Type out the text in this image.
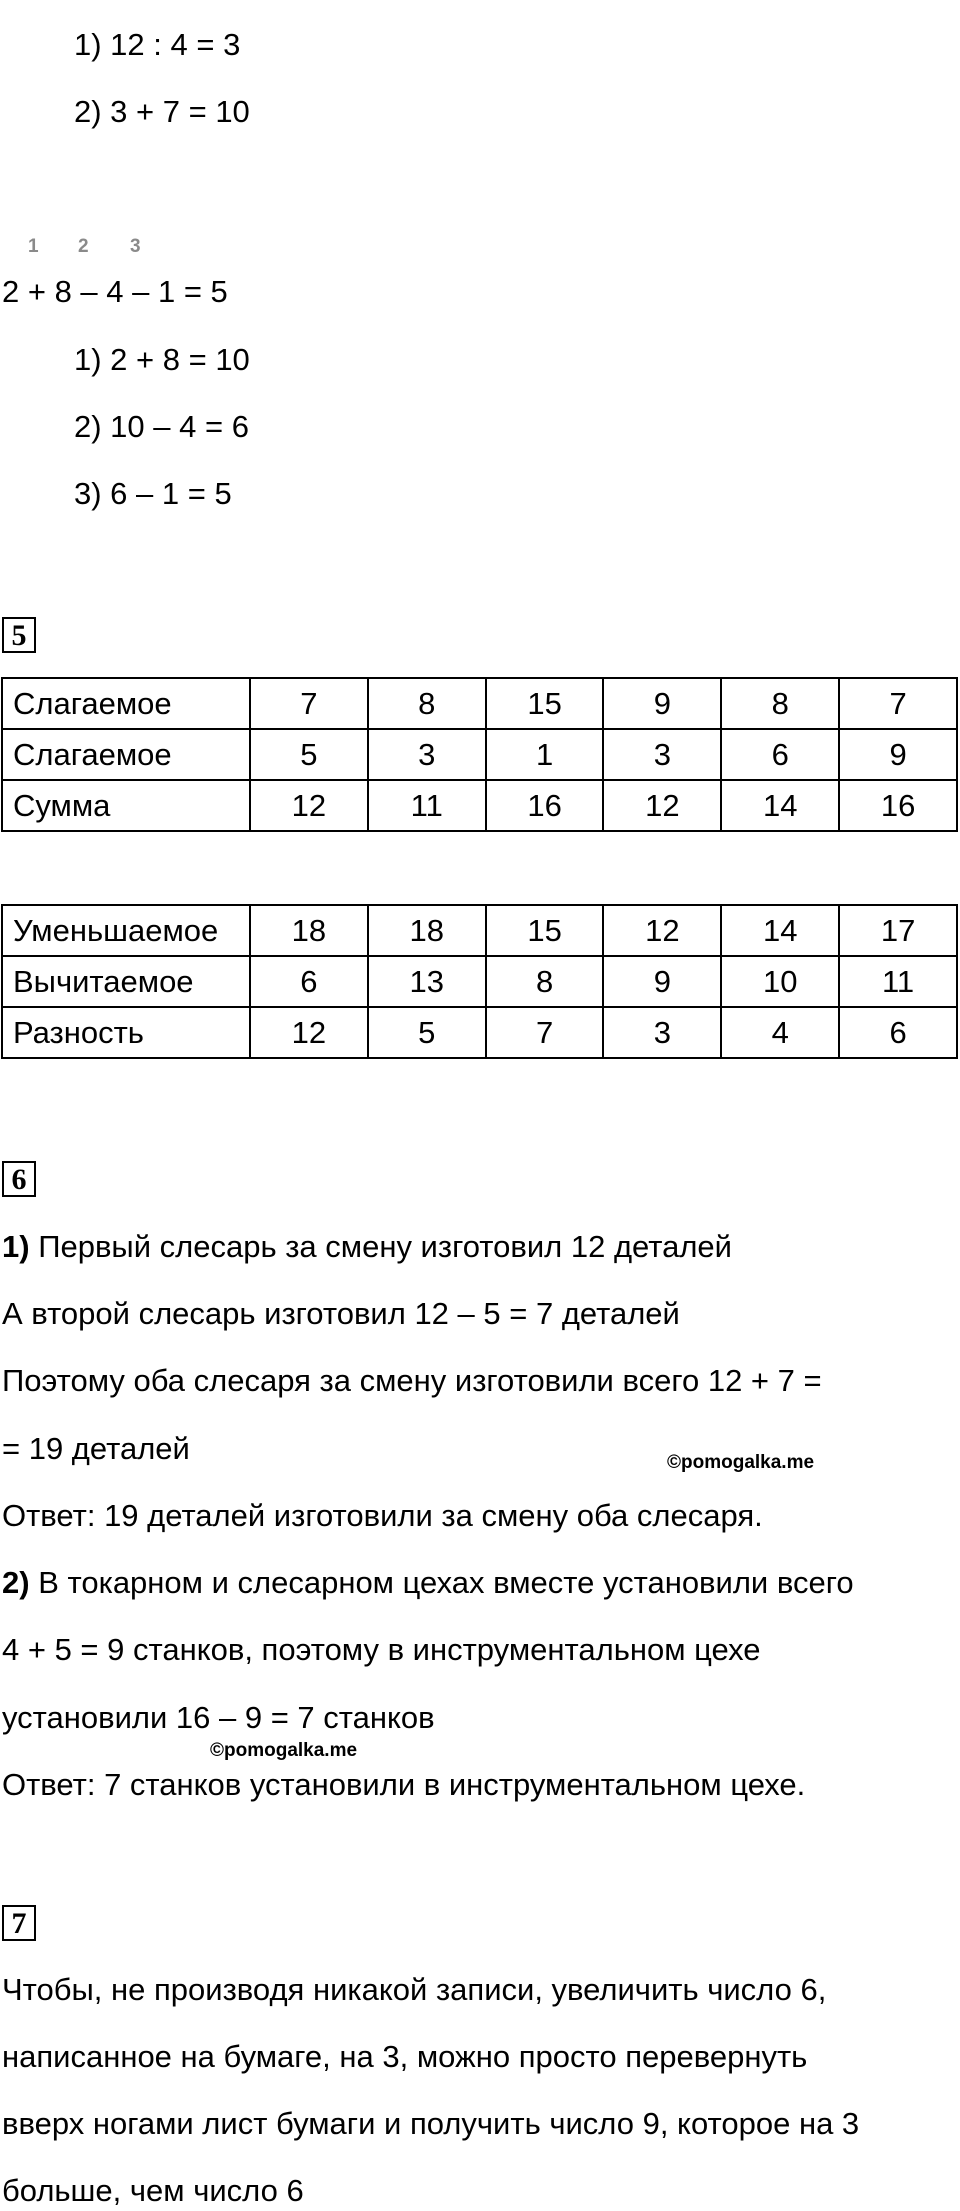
1) 12 : 4 = 3
2) 3 + 7 = 10
1 2 3
2 + 8 – 4 – 1 = 5
1) 2 + 8 = 10
2) 10 – 4 = 6
3) 6 – 1 = 5
5
Слагаемое	7	8	15	9	8	7
Слагаемое	5	3	1	3	6	9
Сумма	12	11	16	12	14	16
Уменьшаемое	18	18	15	12	14	17
Вычитаемое	6	13	8	9	10	11
Разность	12	5	7	3	4	6
6
1) Первый слесарь за смену изготовил 12 деталей
А второй слесарь изготовил 12 – 5 = 7 деталей
Поэтому оба слесаря за смену изготовили всего 12 + 7 =
= 19 деталей	©pomogalka.me
Ответ: 19 деталей изготовили за смену оба слесаря.
2) В токарном и слесарном цехах вместе установили всего
4 + 5 = 9 станков, поэтому в инструментальном цехе
установили 16 – 9 = 7 станков
©pomogalka.me
Ответ: 7 станков установили в инструментальном цехе.
7
Чтобы, не производя никакой записи, увеличить число 6,
написанное на бумаге, на 3, можно просто перевернуть
вверх ногами лист бумаги и получить число 9, которое на 3
больше, чем число 6
